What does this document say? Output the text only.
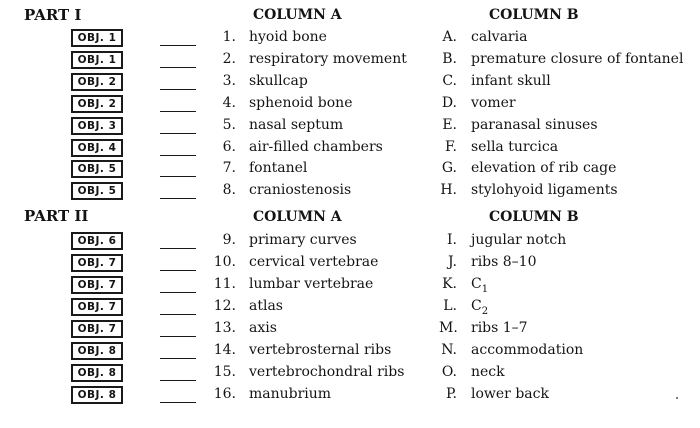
PART I	COLUMN A	COLUMN B
OBJ. 1	1. hyoid bone	A. calvaria
OBJ. 1	2. respiratory movement	B. premature closure of fontanel
OBJ. 2	3. skullcap	C. infant skull
OBJ. 2	4. sphenoid bone	D. vomer
OBJ. 3	5. nasal septum	E. paranasal sinuses
OBJ. 4	6. air-filled chambers	F. sella turcica
OBJ. 5	7. fontanel	G. elevation of rib cage
OBJ. 5	8. craniostenosis	H. stylohyoid ligaments
PART II	COLUMN A	COLUMN B
OBJ. 6	9. primary curves	I. jugular notch
OBJ. 7	10. cervical vertebrae	J. ribs 8–10
OBJ. 7	11. lumbar vertebrae	K. $C_1$
OBJ. 7	12. atlas	L. $C_2$
OBJ. 7	13. axis	M. ribs 1–7
OBJ. 8	14. vertebrosternal ribs	N. accommodation
OBJ. 8	15. vertebrochondral ribs	O. neck
OBJ. 8	16. manubrium	P. lower back
